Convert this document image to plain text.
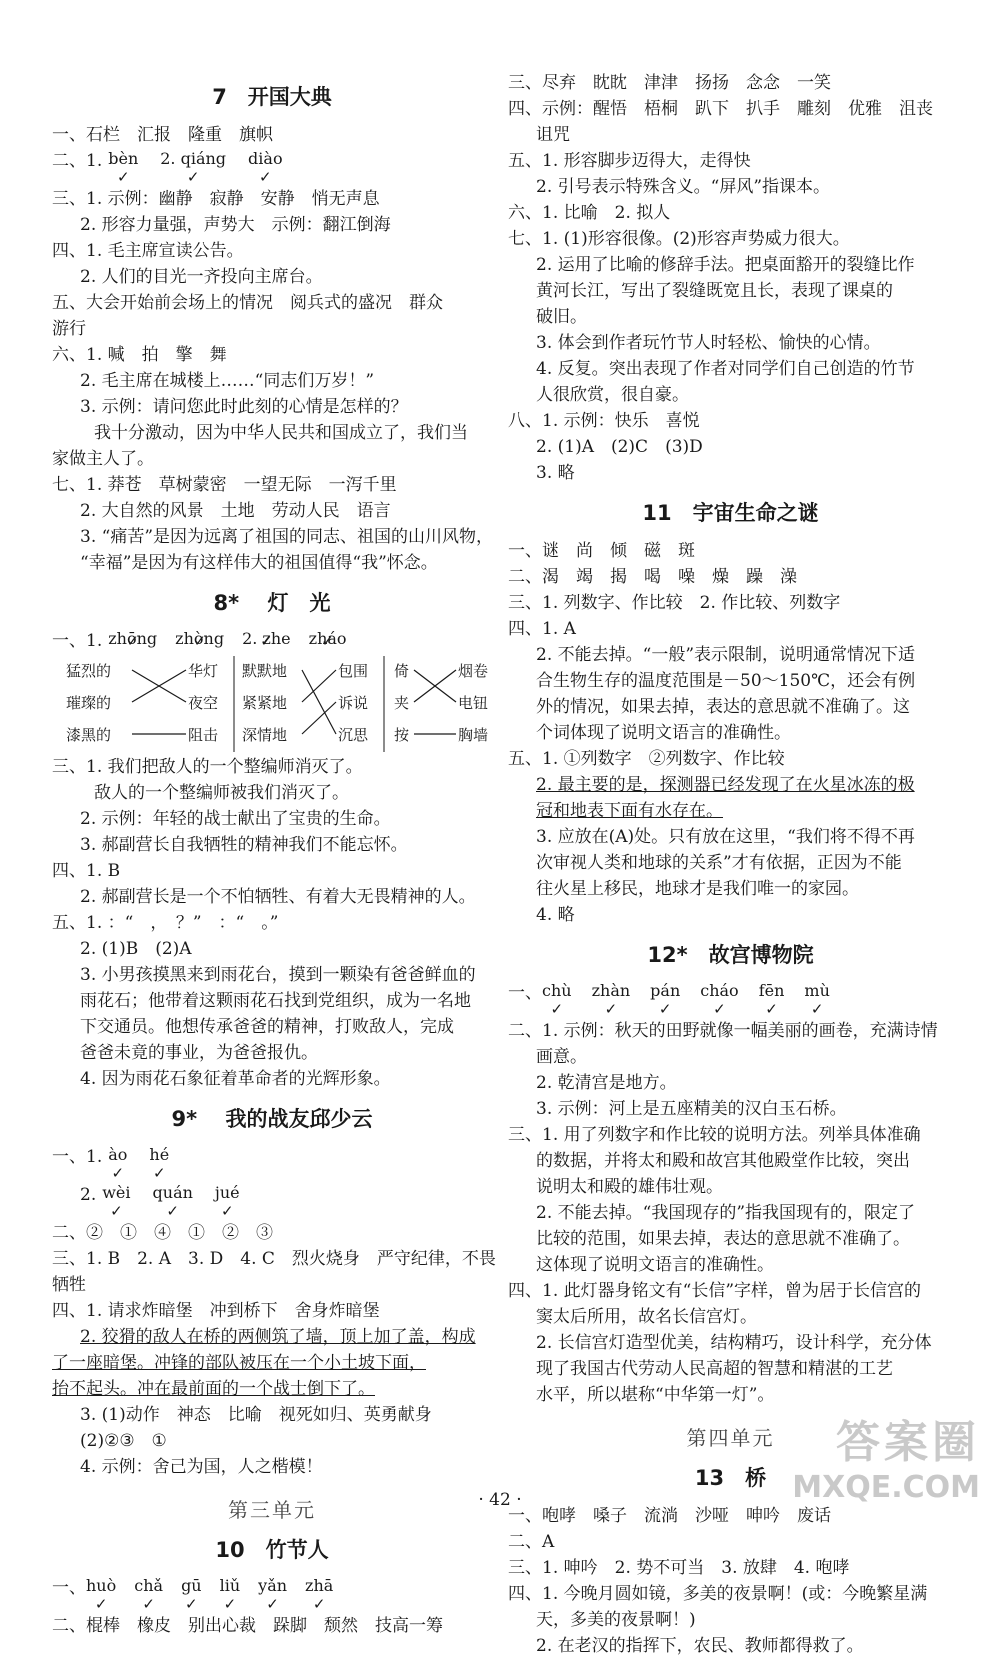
7　开国大典

一、石栏　汇报　隆重　旗帜

二、1. bèn ✓ 2. qiáng ✓ diào ✓

三、1. 示例：幽静　寂静　安静　悄无声息

2. 形容力量强，声势大　示例：翻江倒海

四、1. 毛主席宣读公告。

2. 人们的目光一齐投向主席台。

五、大会开始前会场上的情况　阅兵式的盛况　群众

游行

六、1. 喊　拍　擎　舞

2. 毛主席在城楼上……“同志们万岁！”

3. 示例：请问您此时此刻的心情是怎样的？

我十分激动，因为中华人民共和国成立了，我们当

家做主人了。

七、1. 莽苍　草树蒙密　一望无际　一泻千里

2. 大自然的风景　土地　劳动人民　语言

3. “痛苦”是因为远离了祖国的同志、祖国的山川风物，

“幸福”是因为有这样伟大的祖国值得“我”怀念。

8* 　灯　光
一、1. zhōng ✓ zhòng ✓ 2. zhe ✓ zháo ✓
猛烈的
璀璨的
漆黑的
华灯
夜空
阻击
默默地
紧紧地
深情地
包围
诉说
沉思
倚
夹
按
烟卷
电钮
胸墙

三、1. 我们把敌人的一个整编师消灭了。

敌人的一个整编师被我们消灭了。

2. 示例：年轻的战士献出了宝贵的生命。

3. 郝副营长自我牺牲的精神我们不能忘怀。

四、1. B

2. 郝副营长是一个不怕牺牲、有着大无畏精神的人。

五、1. ：“　，　？”　：“　。”

2. (1)B　(2)A

3. 小男孩摸黑来到雨花台，摸到一颗染有爸爸鲜血的

雨花石；他带着这颗雨花石找到党组织，成为一名地

下交通员。他想传承爸爸的精神，打败敌人，完成

爸爸未竟的事业，为爸爸报仇。

4. 因为雨花石象征着革命者的光辉形象。

9* 　我的战友邱少云
一、1. ào ✓ hé ✓
2. wèi ✓ quán ✓ jué ✓

二、②　①　④　①　②　③

三、1. B　2. A　3. D　4. C　烈火烧身　严守纪律，不畏

牺牲

四、1. 请求炸暗堡　冲到桥下　舍身炸暗堡

2. 狡猾的敌人在桥的两侧筑了墙，顶上加了盖，构成

了一座暗堡。冲锋的部队被压在一个小土坡下面，

抬不起头。冲在最前面的一个战士倒下了。

3. (1)动作　神态　比喻　视死如归、英勇献身

(2)②③　①

4. 示例：舍己为国，人之楷模！

第三单元
10　竹节人
一、 huò ✓ chǎ ✓ gū ✓ liǔ ✓ yǎn ✓ zhā ✓

二、棍棒　橡皮　别出心裁　跺脚　颓然　技高一筹

三、尽弃　眈眈　津津　扬扬　念念　一笑

四、示例：醒悟　梧桐　趴下　扒手　雕刻　优雅　沮丧

诅咒

五、1. 形容脚步迈得大，走得快

2. 引号表示特殊含义。“屏风”指课本。

六、1. 比喻　2. 拟人

七、1. (1)形容很像。(2)形容声势威力很大。

2. 运用了比喻的修辞手法。把桌面豁开的裂缝比作

黄河长江，写出了裂缝既宽且长，表现了课桌的

破旧。

3. 体会到作者玩竹节人时轻松、愉快的心情。

4. 反复。突出表现了作者对同学们自己创造的竹节

人很欣赏，很自豪。

八、1. 示例：快乐　喜悦

2. (1)A　(2)C　(3)D

3. 略

11　宇宙生命之谜

一、谜　尚　倾　磁　斑

二、渴　竭　揭　喝　噪　燥　躁　澡

三、1. 列数字、作比较　2. 作比较、列数字

四、1. A

2. 不能去掉。“一般”表示限制，说明通常情况下适

合生物生存的温度范围是－50～150℃，还会有例

外的情况，如果去掉，表达的意思就不准确了。这

个词体现了说明文语言的准确性。

五、1. ①列数字　②列数字、作比较

2. 最主要的是，探测器已经发现了在火星冰冻的极

冠和地表下面有水存在。

3. 应放在(A)处。只有放在这里，“我们将不得不再

次审视人类和地球的关系”才有依据，正因为不能

往火星上移民，地球才是我们唯一的家园。

4. 略

12*　故宫博物院
一、 chù ✓ zhàn ✓ pán ✓ cháo ✓ fēn ✓ mù ✓

二、1. 示例：秋天的田野就像一幅美丽的画卷，充满诗情

画意。

2. 乾清宫是地方。

3. 示例：河上是五座精美的汉白玉石桥。

三、1. 用了列数字和作比较的说明方法。列举具体准确

的数据，并将太和殿和故宫其他殿堂作比较，突出

说明太和殿的雄伟壮观。

2. 不能去掉。“我国现存的”指我国现有的，限定了

比较的范围，如果去掉，表达的意思就不准确了。

这体现了说明文语言的准确性。

四、1. 此灯器身铭文有“长信”字样，曾为居于长信宫的

窦太后所用，故名长信宫灯。

2. 长信宫灯造型优美，结构精巧，设计科学，充分体

现了我国古代劳动人民高超的智慧和精湛的工艺

水平，所以堪称“中华第一灯”。

第四单元
13　桥

一、咆哮　嗓子　流淌　沙哑　呻吟　废话

二、A

三、1. 呻吟　2. 势不可当　3. 放肆　4. 咆哮

四、1. 今晚月圆如镜，多美的夜景啊！(或：今晚繁星满

天，多美的夜景啊！)

2. 在老汉的指挥下，农民、教师都得救了。

· 42 ·
答案圈
MXQE.COM
